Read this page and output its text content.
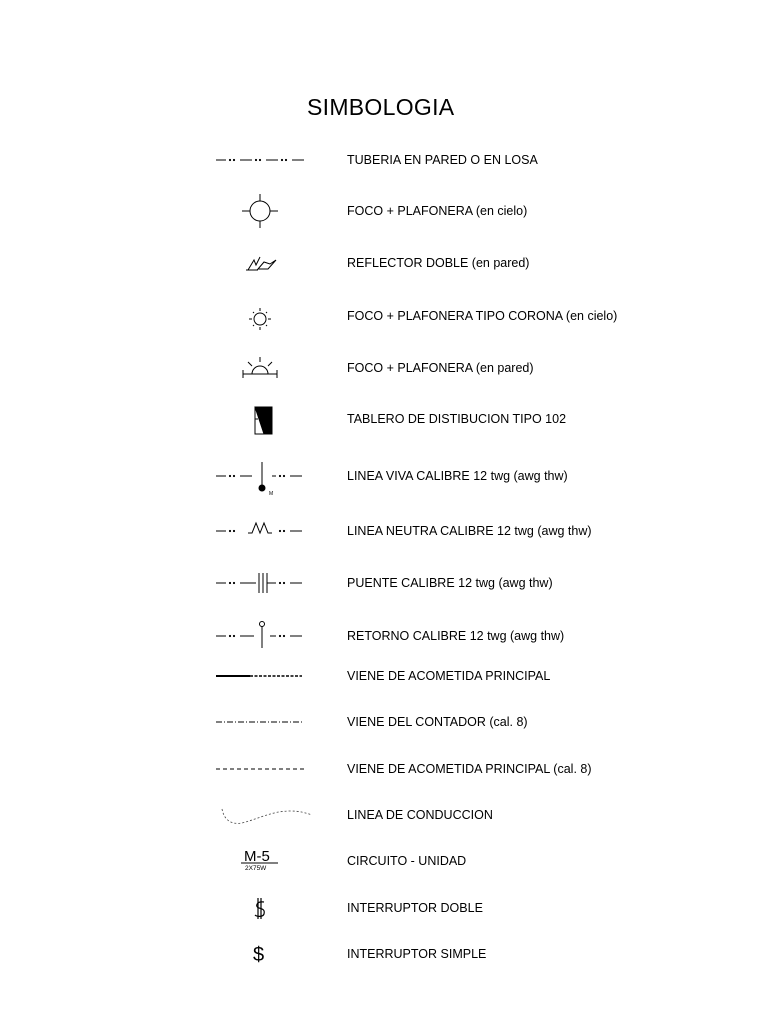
SIMBOLOGIA
TUBERIA EN PARED O EN LOSA
FOCO + PLAFONERA (en cielo)
REFLECTOR DOBLE (en pared)
FOCO + PLAFONERA TIPO CORONA (en cielo)
FOCO + PLAFONERA (en pared)
TABLERO DE DISTIBUCION TIPO 102
M
LINEA VIVA CALIBRE 12 twg (awg thw)
LINEA NEUTRA CALIBRE 12 twg (awg thw)
PUENTE CALIBRE 12 twg (awg thw)
RETORNO CALIBRE 12 twg (awg thw)
VIENE DE ACOMETIDA PRINCIPAL
VIENE DEL CONTADOR (cal. 8)
VIENE DE ACOMETIDA PRINCIPAL (cal. 8)
LINEA DE CONDUCCION
M-5
2X75W
CIRCUITO - UNIDAD
INTERRUPTOR DOBLE
$	INTERRUPTOR SIMPLE
